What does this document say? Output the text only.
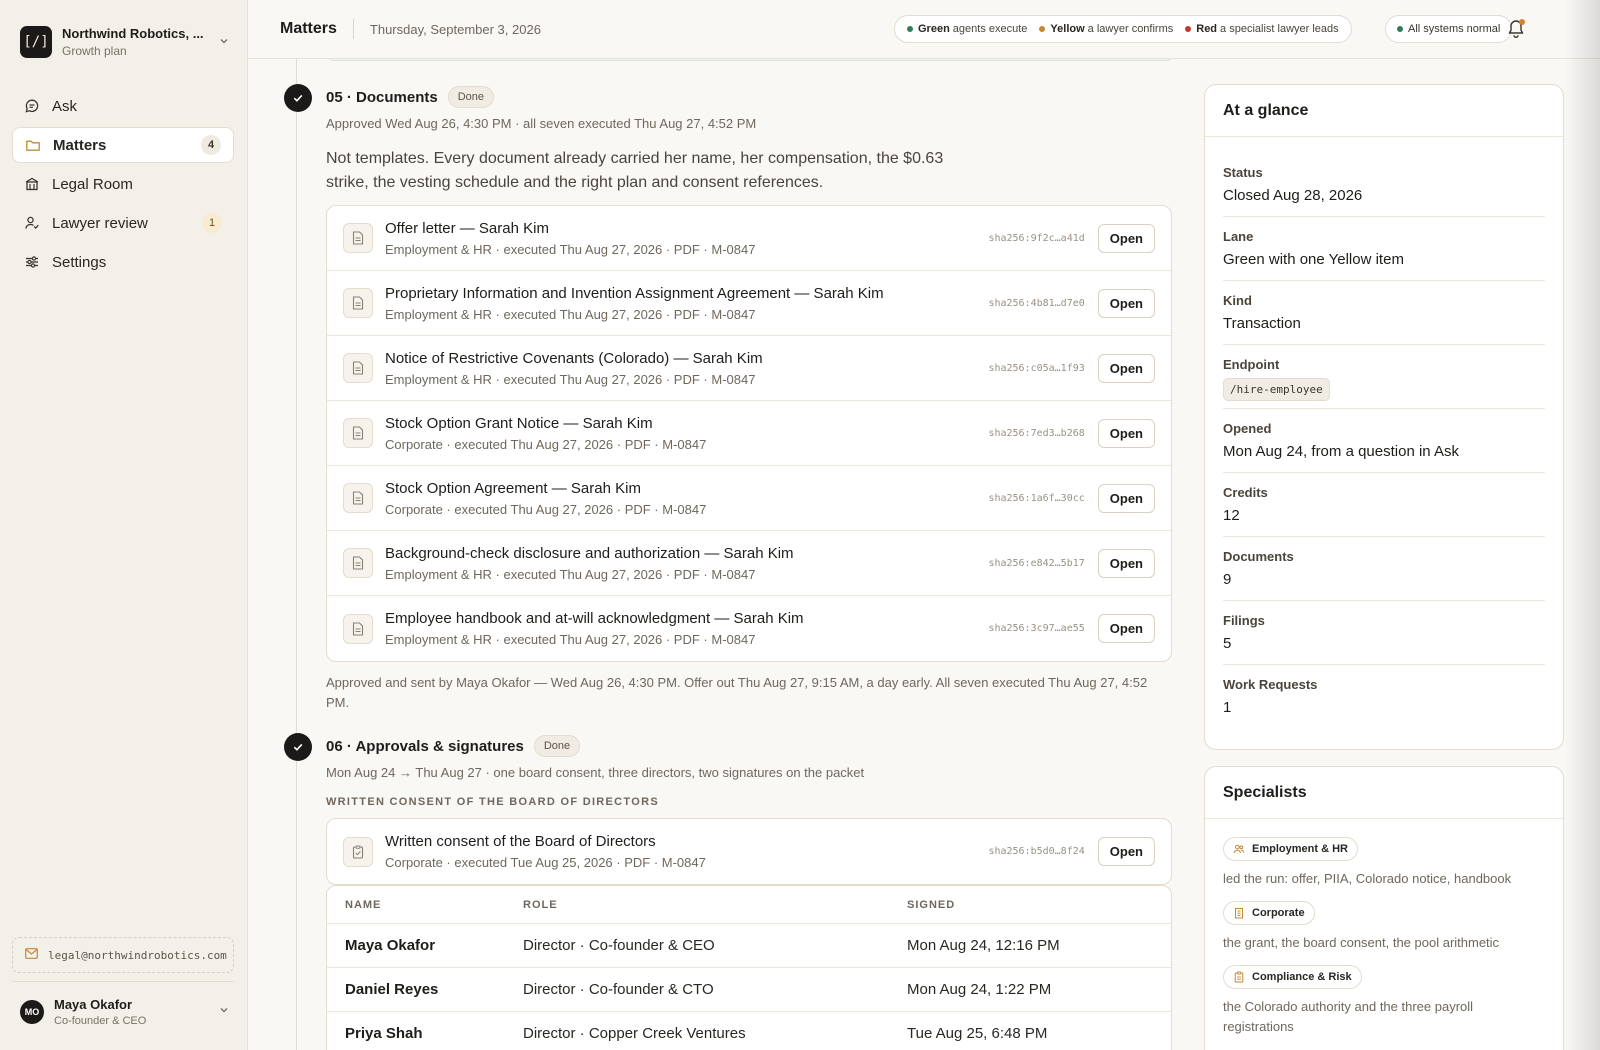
[/]
Northwind Robotics, ...
Growth plan
Ask
Matters	4
Legal Room
Lawyer review	1
Settings
legal@northwindrobotics.com
MO	Maya Okafor
Co-founder & CEO
Matters	Thursday, September 3, 2026	Green agents execute Yellow a lawyer confirms Red a specialist lawyer leads	All systems normal
05 · Documents	Done
Approved Wed Aug 26, 4:30 PM · all seven executed Thu Aug 27, 4:52 PM
Not templates. Every document already carried her name, her compensation, the $0.63 strike, the vesting schedule and the right plan and consent references.
Offer letter — Sarah Kim
Employment & HR · executed Thu Aug 27, 2026 · PDF · M-0847
sha256:9f2c…a41d	Open
Proprietary Information and Invention Assignment Agreement — Sarah Kim
Employment & HR · executed Thu Aug 27, 2026 · PDF · M-0847
sha256:4b81…d7e0	Open
Notice of Restrictive Covenants (Colorado) — Sarah Kim
Employment & HR · executed Thu Aug 27, 2026 · PDF · M-0847
sha256:c05a…1f93	Open
Stock Option Grant Notice — Sarah Kim
Corporate · executed Thu Aug 27, 2026 · PDF · M-0847
sha256:7ed3…b268	Open
Stock Option Agreement — Sarah Kim
Corporate · executed Thu Aug 27, 2026 · PDF · M-0847
sha256:1a6f…30cc	Open
Background-check disclosure and authorization — Sarah Kim
Employment & HR · executed Thu Aug 27, 2026 · PDF · M-0847
sha256:e842…5b17	Open
Employee handbook and at-will acknowledgment — Sarah Kim
Employment & HR · executed Thu Aug 27, 2026 · PDF · M-0847
sha256:3c97…ae55	Open
Approved and sent by Maya Okafor — Wed Aug 26, 4:30 PM. Offer out Thu Aug 27, 9:15 AM, a day early. All seven executed Thu Aug 27, 4:52 PM.
06 · Approvals & signatures	Done
Mon Aug 24 → Thu Aug 27 · one board consent, three directors, two signatures on the packet
WRITTEN CONSENT OF THE BOARD OF DIRECTORS
Written consent of the Board of Directors
Corporate · executed Tue Aug 25, 2026 · PDF · M-0847
sha256:b5d0…8f24	Open
NAME	ROLE	SIGNED
Maya Okafor	Director · Co-founder & CEO	Mon Aug 24, 12:16 PM
Daniel Reyes	Director · Co-founder & CTO	Mon Aug 24, 1:22 PM
Priya Shah	Director · Copper Creek Ventures	Tue Aug 25, 6:48 PM
At a glance
Status
Closed Aug 28, 2026
Lane
Green with one Yellow item
Kind
Transaction
Endpoint
/hire-employee
Opened
Mon Aug 24, from a question in Ask
Credits
12
Documents
9
Filings
5
Work Requests
1
Specialists
Employment & HR
led the run: offer, PIIA, Colorado notice, handbook
Corporate
the grant, the board consent, the pool arithmetic
Compliance & Risk
the Colorado authority and the three payroll registrations
